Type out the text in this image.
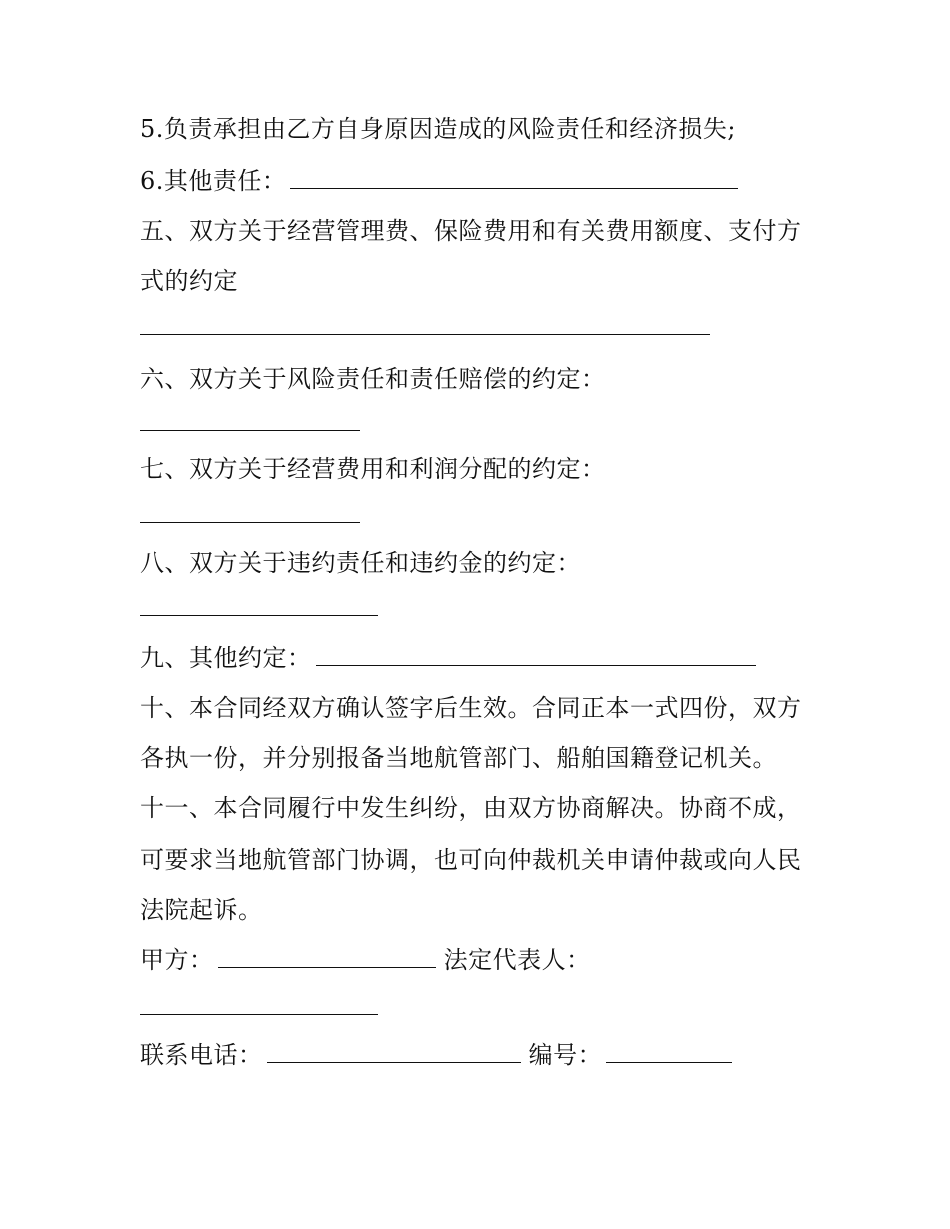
5.负责承担由乙方自身原因造成的风险责任和经济损失;
6.其他责任：
五、双方关于经营管理费、保险费用和有关费用额度、支付方
式的约定
六、双方关于风险责任和责任赔偿的约定：
七、双方关于经营费用和利润分配的约定：
八、双方关于违约责任和违约金的约定：
九、其他约定：
十、本合同经双方确认签字后生效。合同正本一式四份，双方
各执一份，并分别报备当地航管部门、船舶国籍登记机关。
十一、本合同履行中发生纠纷，由双方协商解决。协商不成，
可要求当地航管部门协调，也可向仲裁机关申请仲裁或向人民
法院起诉。
甲方：	法定代表人：
联系电话：	编号：
